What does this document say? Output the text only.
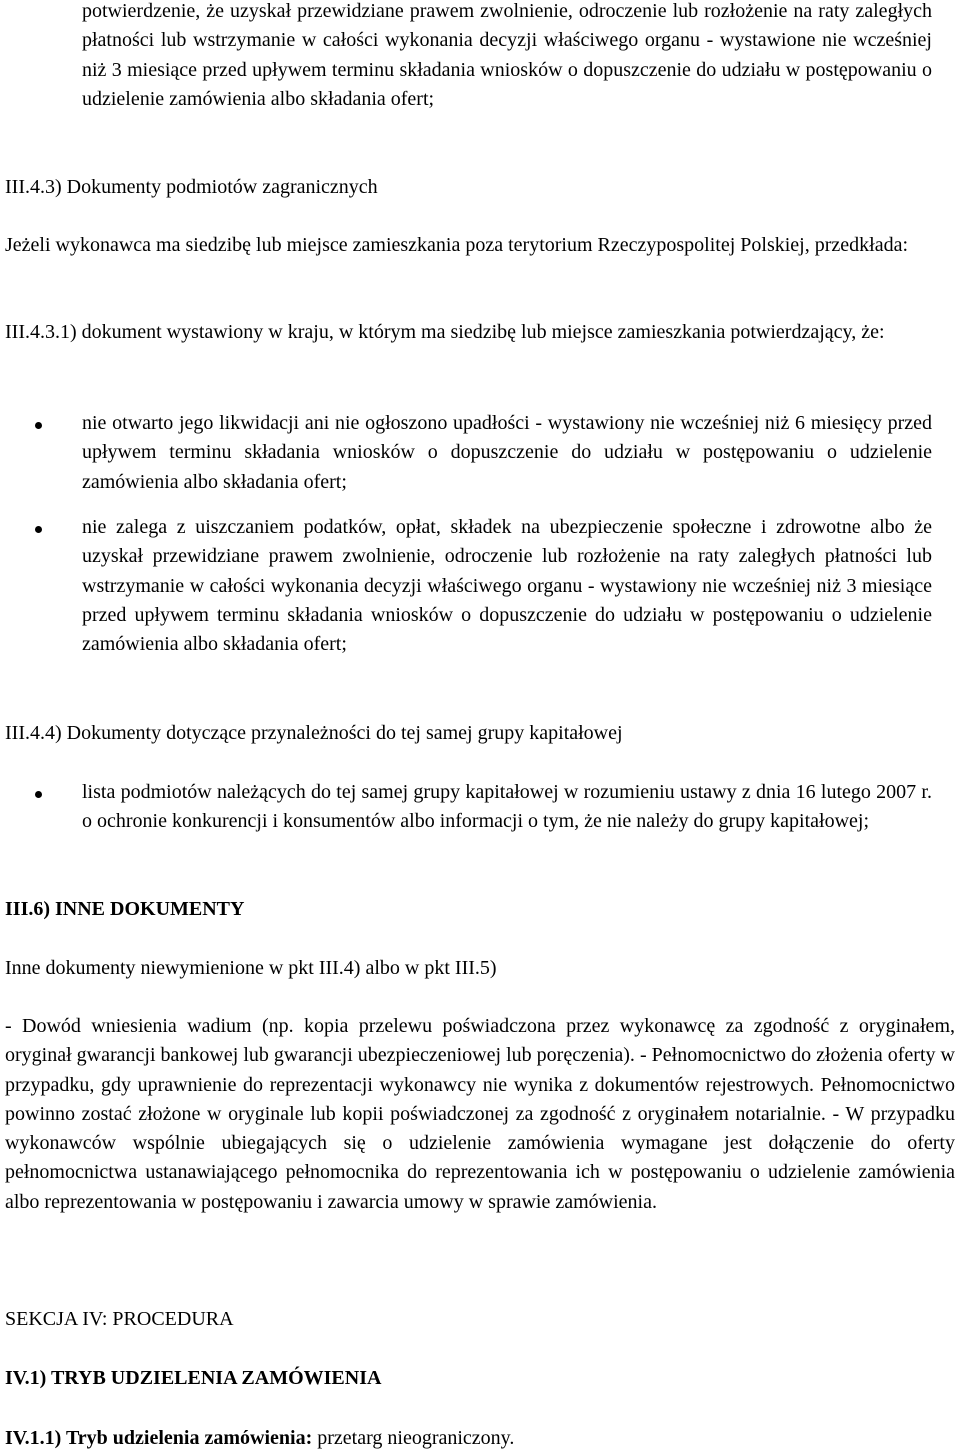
potwierdzenie, że uzyskał przewidziane prawem zwolnienie, odroczenie lub rozłożenie na raty zaległych płatności lub wstrzymanie w całości wykonania decyzji właściwego organu - wystawione nie wcześniej niż 3 miesiące przed upływem terminu składania wniosków o dopuszczenie do udziału w postępowaniu o udzielenie zamówienia albo składania ofert;

III.4.3) Dokumenty podmiotów zagranicznych

Jeżeli wykonawca ma siedzibę lub miejsce zamieszkania poza terytorium Rzeczypospolitej Polskiej, przedkłada:

III.4.3.1) dokument wystawiony w kraju, w którym ma siedzibę lub miejsce zamieszkania potwierdzający, że:

nie otwarto jego likwidacji ani nie ogłoszono upadłości - wystawiony nie wcześniej niż 6 miesięcy przed upływem terminu składania wniosków o dopuszczenie do udziału w postępowaniu o udzielenie zamówienia albo składania ofert;

nie zalega z uiszczaniem podatków, opłat, składek na ubezpieczenie społeczne i zdrowotne albo że uzyskał przewidziane prawem zwolnienie, odroczenie lub rozłożenie na raty zaległych płatności lub wstrzymanie w całości wykonania decyzji właściwego organu - wystawiony nie wcześniej niż 3 miesiące przed upływem terminu składania wniosków o dopuszczenie do udziału w postępowaniu o udzielenie zamówienia albo składania ofert;

III.4.4) Dokumenty dotyczące przynależności do tej samej grupy kapitałowej

lista podmiotów należących do tej samej grupy kapitałowej w rozumieniu ustawy z dnia 16 lutego 2007 r. o ochronie konkurencji i konsumentów albo informacji o tym, że nie należy do grupy kapitałowej;

III.6) INNE DOKUMENTY

Inne dokumenty niewymienione w pkt III.4) albo w pkt III.5)

- Dowód wniesienia wadium (np. kopia przelewu poświadczona przez wykonawcę za zgodność z oryginałem, oryginał gwarancji bankowej lub gwarancji ubezpieczeniowej lub poręczenia). - Pełnomocnictwo do złożenia oferty w przypadku, gdy uprawnienie do reprezentacji wykonawcy nie wynika z dokumentów rejestrowych. Pełnomocnictwo powinno zostać złożone w oryginale lub kopii poświadczonej za zgodność z oryginałem notarialnie. - W przypadku wykonawców wspólnie ubiegających się o udzielenie zamówienia wymagane jest dołączenie do oferty pełnomocnictwa ustanawiającego pełnomocnika do reprezentowania ich w postępowaniu o udzielenie zamówienia albo reprezentowania w postępowaniu i zawarcia umowy w sprawie zamówienia.

SEKCJA IV: PROCEDURA

IV.1) TRYB UDZIELENIA ZAMÓWIENIA

IV.1.1) Tryb udzielenia zamówienia: przetarg nieograniczony.
